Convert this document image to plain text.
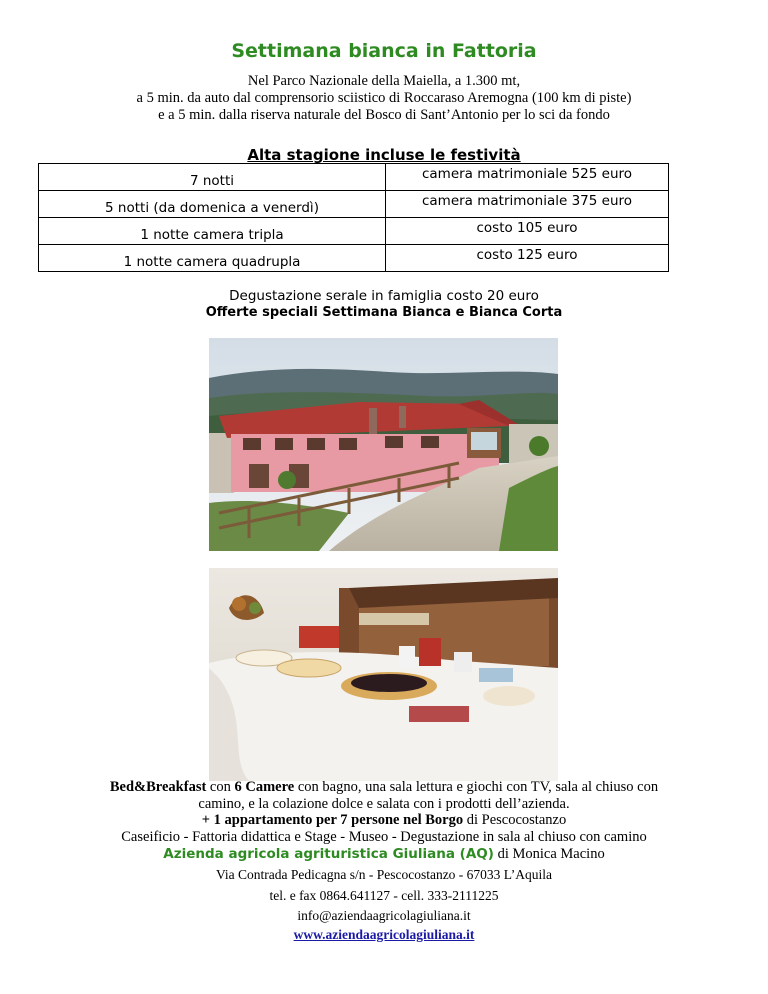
Settimana bianca in Fattoria
Nel Parco Nazionale della Maiella, a 1.300 mt,
a 5 min. da auto dal comprensorio sciistico di Roccaraso Aremogna (100 km di piste)
e a 5 min. dalla riserva naturale del Bosco di Sant’Antonio per lo sci da fondo
Alta stagione incluse le festività
7 notti	camera matrimoniale 525 euro
5 notti (da domenica a venerdì)	camera matrimoniale 375 euro
1 notte camera tripla	costo 105 euro
1 notte camera quadrupla	costo 125 euro
Degustazione serale in famiglia costo 20 euro
Offerte speciali Settimana Bianca e Bianca Corta
Bed&Breakfast con 6 Camere con bagno, una sala lettura e giochi con TV, sala al chiuso con
camino, e la colazione dolce e salata con i prodotti dell’azienda.
+ 1 appartamento per 7 persone nel Borgo di Pescocostanzo
Caseificio - Fattoria didattica e Stage - Museo - Degustazione in sala al chiuso con camino
Azienda agricola agrituristica Giuliana (AQ) di Monica Macino
Via Contrada Pedicagna s/n - Pescocostanzo - 67033 L’Aquila
tel. e fax 0864.641127 - cell. 333-2111225
info@aziendaagricolagiuliana.it
www.aziendaagricolagiuliana.it
